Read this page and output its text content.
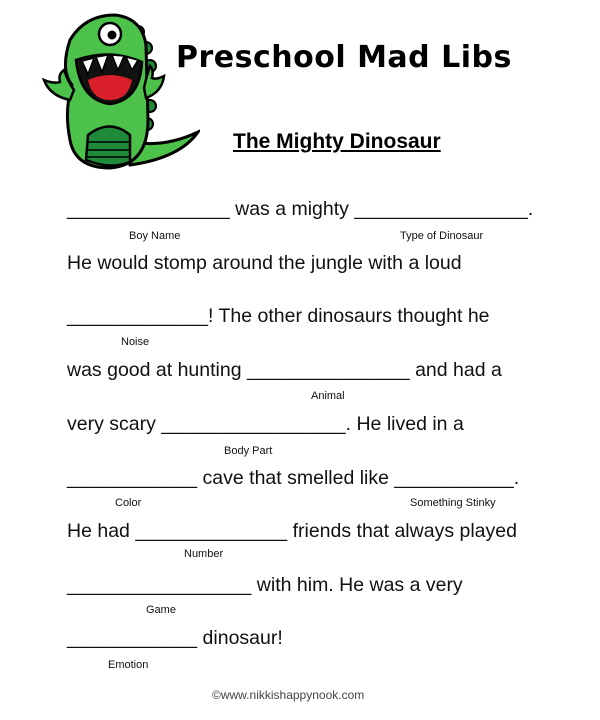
Preschool Mad Libs
The Mighty Dinosaur
_______________ was a mighty ________________.
Boy Name	Type of Dinosaur
He would stomp around the jungle with a loud
_____________! The other dinosaurs thought he
Noise
was good at hunting _______________ and had a
Animal
very scary _________________. He lived in a
Body Part
____________ cave that smelled like ___________.
Color	Something Stinky
He had ______________ friends that always played
Number
_________________ with him. He was a very
Game
____________ dinosaur!
Emotion
©www.nikkishappynook.com
